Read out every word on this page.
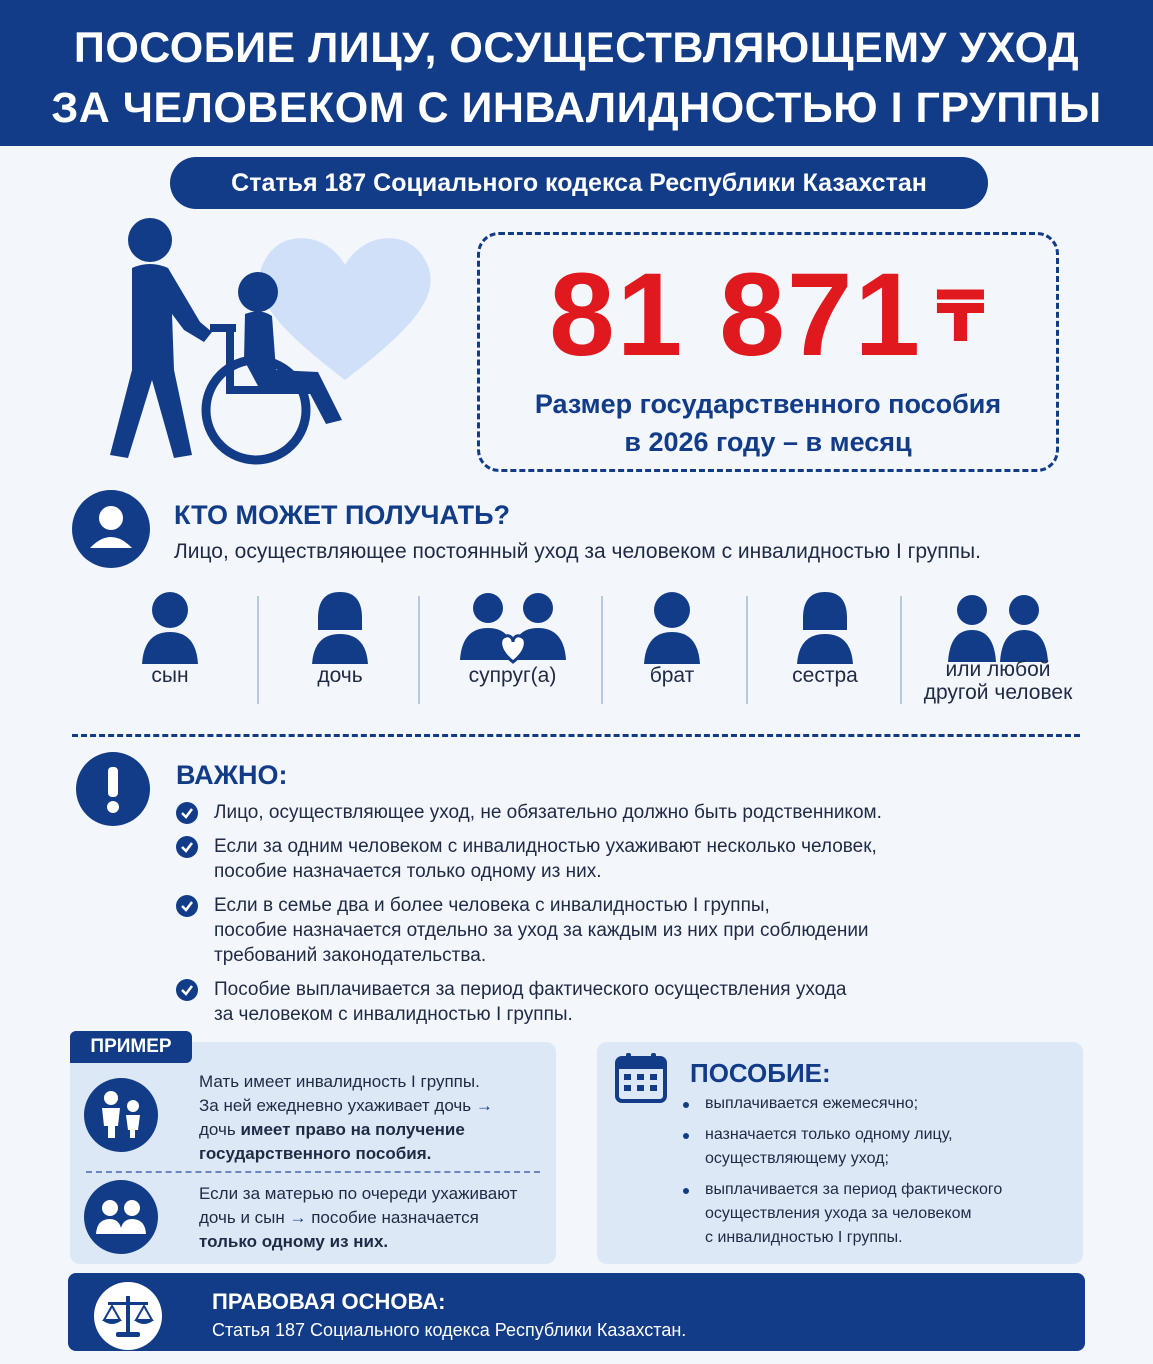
ПОСОБИЕ ЛИЦУ, ОСУЩЕСТВЛЯЮЩЕМУ УХОД
ЗА ЧЕЛОВЕКОМ С ИНВАЛИДНОСТЬЮ I ГРУППЫ
Статья 187 Социального кодекса Республики Казахстан
81 871 ₸
Размер государственного пособия
в 2026 году – в месяц
КТО МОЖЕТ ПОЛУЧАТЬ?
Лицо, осуществляющее постоянный уход за человеком с инвалидностью I группы.
сын	дочь	супруг(а)	брат	сестра	или любой
другой человек
ВАЖНО:
Лицо, осуществляющее уход, не обязательно должно быть родственником.
Если за одним человеком с инвалидностью ухаживают несколько человек,
пособие назначается только одному из них.
Если в семье два и более человека с инвалидностью I группы,
пособие назначается отдельно за уход за каждым из них при соблюдении
требований законодательства.
Пособие выплачивается за период фактического осуществления ухода
за человеком с инвалидностью I группы.
ПРИМЕР
Мать имеет инвалидность I группы.
За ней ежедневно ухаживает дочь →
дочь имеет право на получение
государственного пособия.
Если за матерью по очереди ухаживают
дочь и сын → пособие назначается
только одному из них.
ПОСОБИЕ:
выплачивается ежемесячно;
назначается только одному лицу,
осуществляющему уход;
выплачивается за период фактического
осуществления ухода за человеком
с инвалидностью I группы.
ПРАВОВАЯ ОСНОВА:
Статья 187 Социального кодекса Республики Казахстан.
